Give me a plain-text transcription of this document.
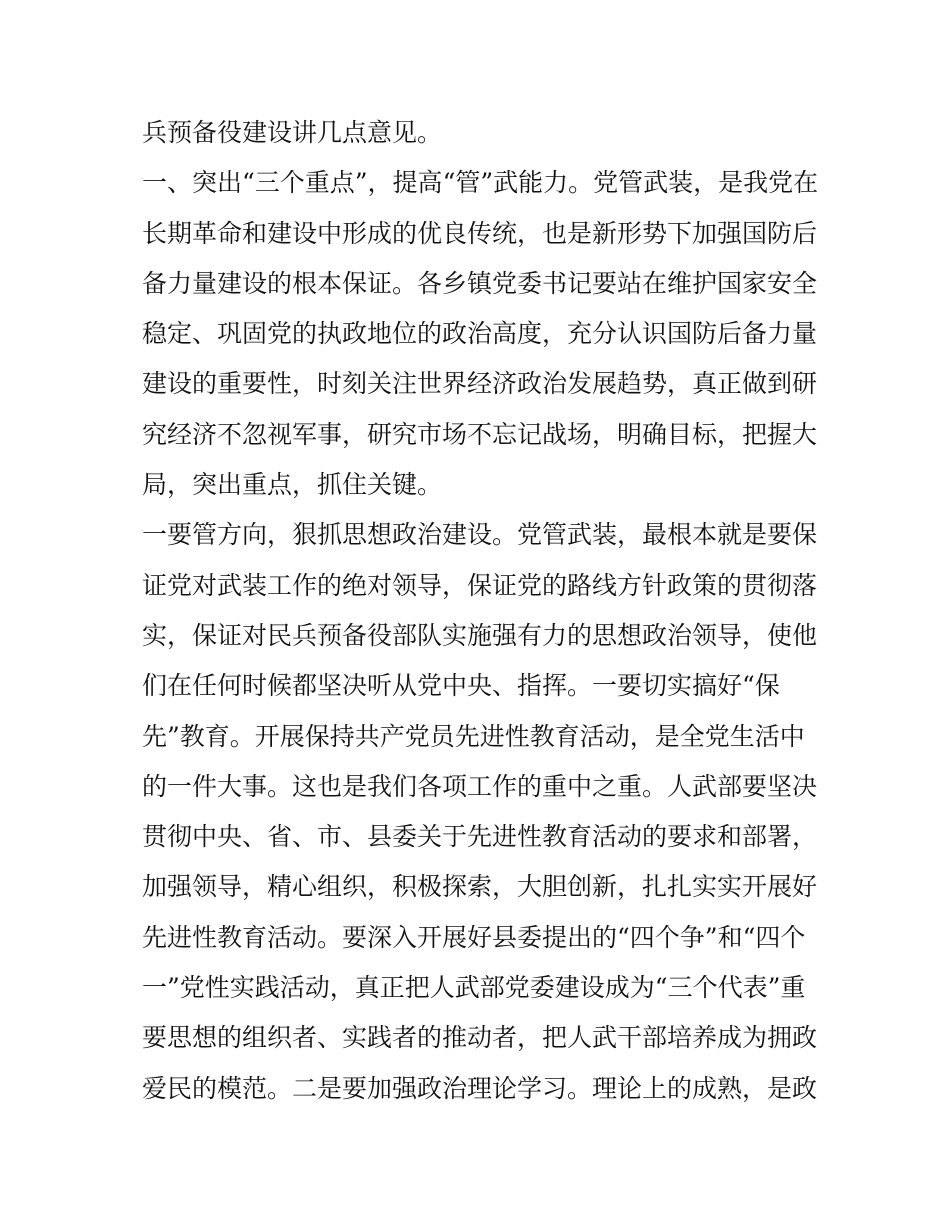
兵预备役建设讲几点意见。
一、突出“三个重点”，提高“管”武能力。党管武装，是我党在
长期革命和建设中形成的优良传统，也是新形势下加强国防后
备力量建设的根本保证。各乡镇党委书记要站在维护国家安全
稳定、巩固党的执政地位的政治高度，充分认识国防后备力量
建设的重要性，时刻关注世界经济政治发展趋势，真正做到研
究经济不忽视军事，研究市场不忘记战场，明确目标，把握大
局，突出重点，抓住关键。
一要管方向，狠抓思想政治建设。党管武装，最根本就是要保
证党对武装工作的绝对领导，保证党的路线方针政策的贯彻落
实，保证对民兵预备役部队实施强有力的思想政治领导，使他
们在任何时候都坚决听从党中央、指挥。一要切实搞好“保
先”教育。开展保持共产党员先进性教育活动，是全党生活中
的一件大事。这也是我们各项工作的重中之重。人武部要坚决
贯彻中央、省、市、县委关于先进性教育活动的要求和部署，
加强领导，精心组织，积极探索，大胆创新，扎扎实实开展好
先进性教育活动。要深入开展好县委提出的“四个争”和“四个
一”党性实践活动，真正把人武部党委建设成为“三个代表”重
要思想的组织者、实践者的推动者，把人武干部培养成为拥政
爱民的模范。二是要加强政治理论学习。理论上的成熟，是政
